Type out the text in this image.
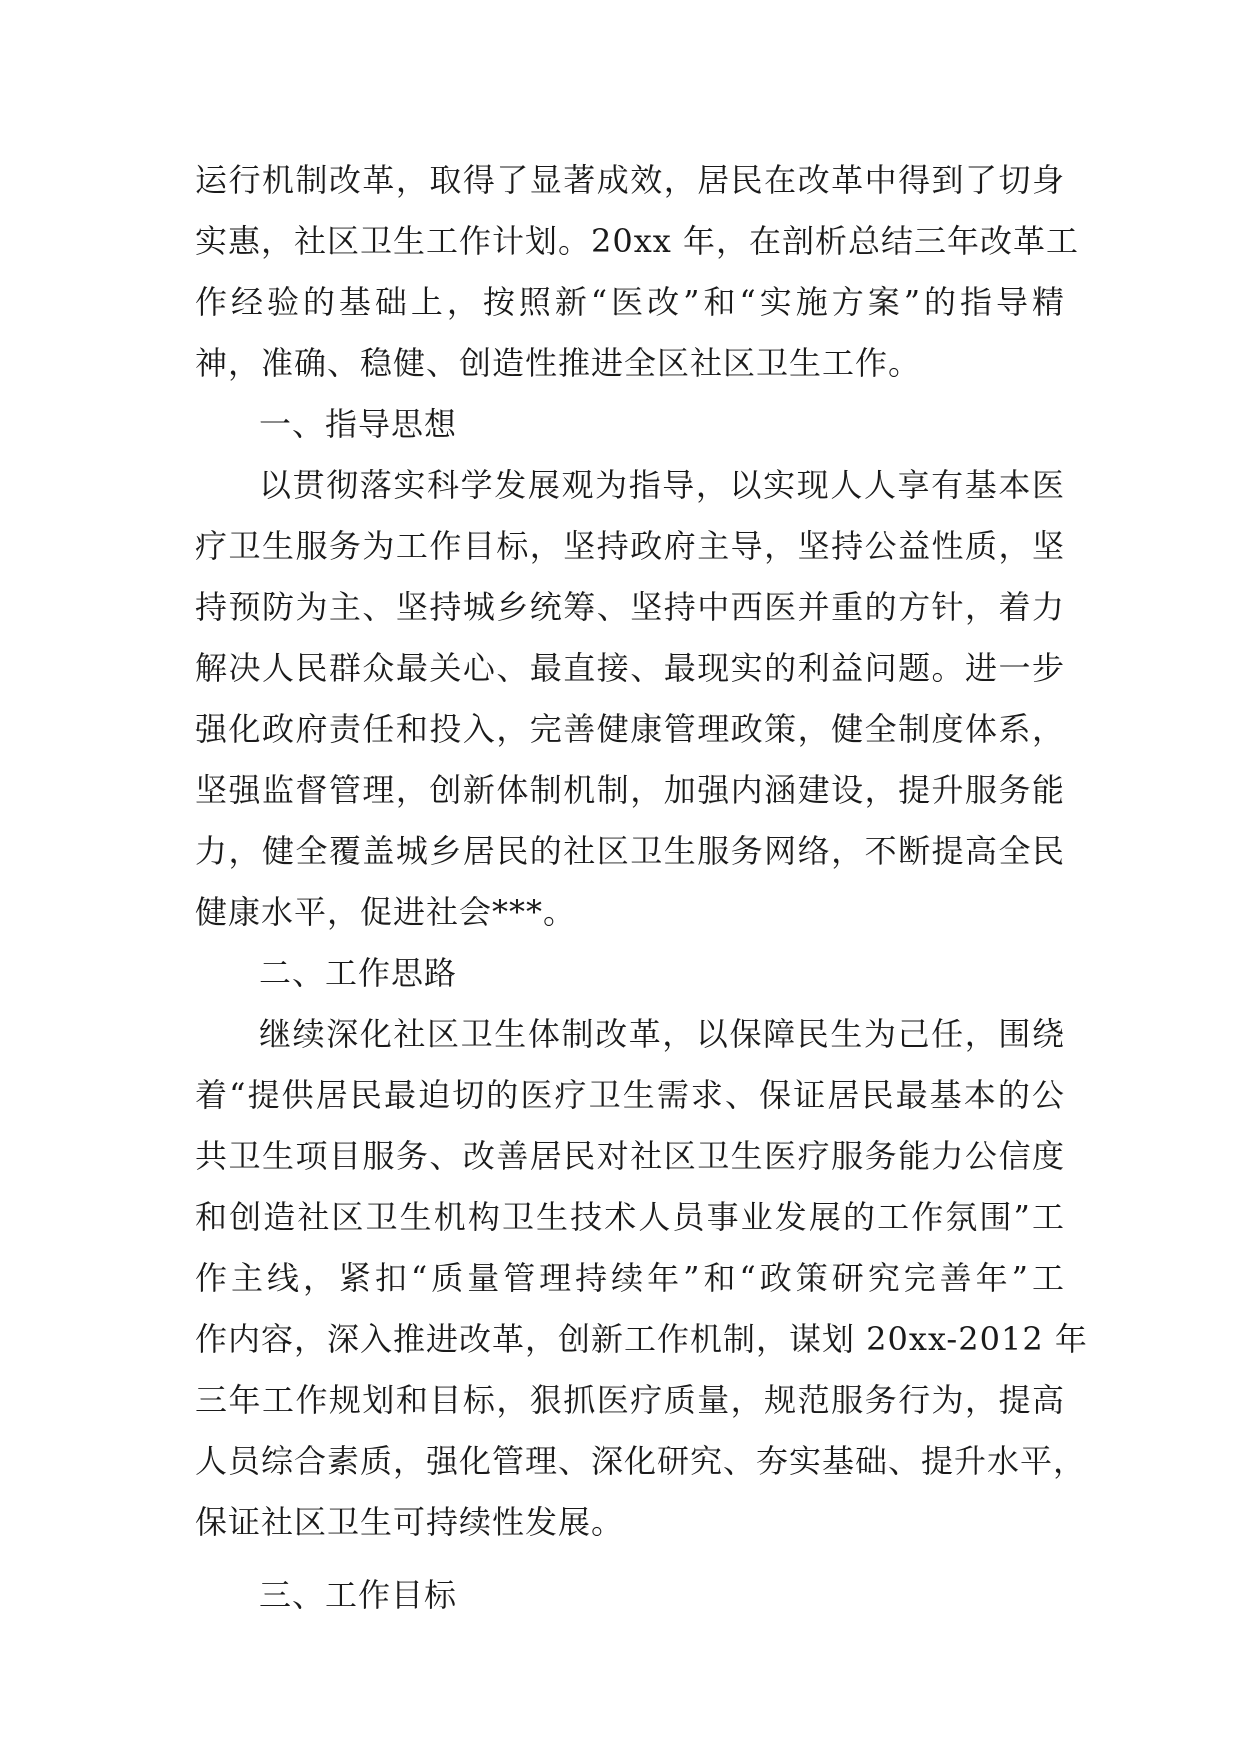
运行机制改革，取得了显著成效，居民在改革中得到了切身
实惠，社区卫生工作计划。20xx 年，在剖析总结三年改革工
作经验的基础上，按照新“医改”和“实施方案”的指导精
神，准确、稳健、创造性推进全区社区卫生工作。
一、指导思想
以贯彻落实科学发展观为指导，以实现人人享有基本医
疗卫生服务为工作目标，坚持政府主导，坚持公益性质，坚
持预防为主、坚持城乡统筹、坚持中西医并重的方针，着力
解决人民群众最关心、最直接、最现实的利益问题。进一步
强化政府责任和投入，完善健康管理政策，健全制度体系，
坚强监督管理，创新体制机制，加强内涵建设，提升服务能
力，健全覆盖城乡居民的社区卫生服务网络，不断提高全民
健康水平，促进社会***。
二、工作思路
继续深化社区卫生体制改革，以保障民生为己任，围绕
着“提供居民最迫切的医疗卫生需求、保证居民最基本的公
共卫生项目服务、改善居民对社区卫生医疗服务能力公信度
和创造社区卫生机构卫生技术人员事业发展的工作氛围”工
作主线，紧扣“质量管理持续年”和“政策研究完善年”工
作内容，深入推进改革，创新工作机制，谋划 20xx-2012 年
三年工作规划和目标，狠抓医疗质量，规范服务行为，提高
人员综合素质，强化管理、深化研究、夯实基础、提升水平，
保证社区卫生可持续性发展。
三、工作目标
